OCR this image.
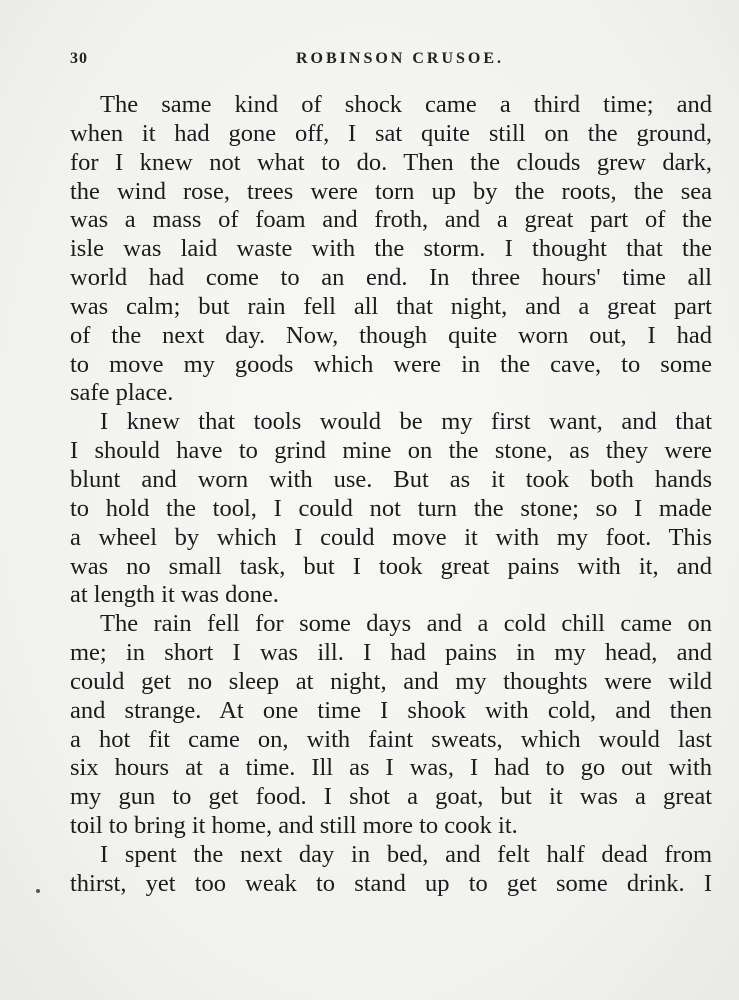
30	ROBINSON CRUSOE.
The same kind of shock came a third time; and
when it had gone off, I sat quite still on the ground,
for I knew not what to do. Then the clouds grew dark,
the wind rose, trees were torn up by the roots, the sea
was a mass of foam and froth, and a great part of the
isle was laid waste with the storm. I thought that the
world had come to an end. In three hours' time all
was calm; but rain fell all that night, and a great part
of the next day. Now, though quite worn out, I had
to move my goods which were in the cave, to some
safe place.
I knew that tools would be my first want, and that
I should have to grind mine on the stone, as they were
blunt and worn with use. But as it took both hands
to hold the tool, I could not turn the stone; so I made
a wheel by which I could move it with my foot. This
was no small task, but I took great pains with it, and
at length it was done.
The rain fell for some days and a cold chill came on
me; in short I was ill. I had pains in my head, and
could get no sleep at night, and my thoughts were wild
and strange. At one time I shook with cold, and then
a hot fit came on, with faint sweats, which would last
six hours at a time. Ill as I was, I had to go out with
my gun to get food. I shot a goat, but it was a great
toil to bring it home, and still more to cook it.
I spent the next day in bed, and felt half dead from
thirst, yet too weak to stand up to get some drink. I
